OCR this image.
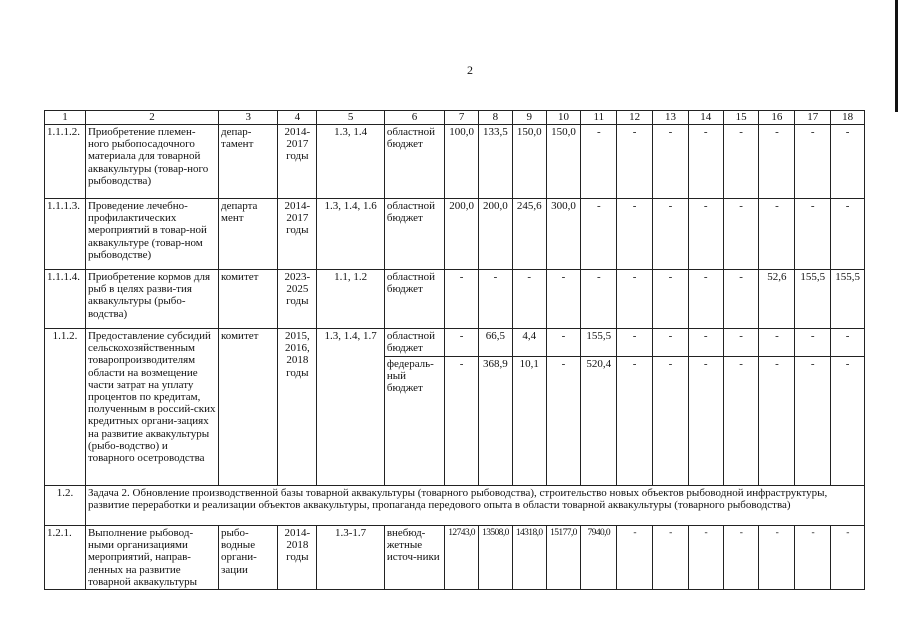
2
1	2	3	4	5	6	7	8	9	10	11	12	13	14	15	16	17	18
1.1.1.2.	Приобретение племен-ного рыбопосадочного материала для товарной аквакультуры (товар-ного рыбоводства)	депар-тамент	2014-2017 годы	1.3, 1.4	областной бюджет	100,0	133,5	150,0	150,0	-	-	-	-	-	-	-	-
1.1.1.3.	Проведение лечебно-профилактических мероприятий в товар-ной аквакультуре (товар-ном рыбоводстве)	департа мент	2014-2017 годы	1.3, 1.4, 1.6	областной бюджет	200,0	200,0	245,6	300,0	-	-	-	-	-	-	-	-
1.1.1.4.	Приобретение кормов для рыб в целях разви-тия аквакультуры (рыбо-водства)	комитет	2023-2025 годы	1.1, 1.2	областной бюджет	-	-	-	-	-	-	-	-	-	52,6	155,5	155,5
1.1.2.	Предоставление субсидий сельскохозяйственным товаропроизводителям области на возмещение части затрат на уплату процентов по кредитам, полученным в россий-ских кредитных органи-зациях на развитие аквакультуры (рыбо-водство) и товарного осетроводства	комитет	2015, 2016, 2018 годы	1.3, 1.4, 1.7	областной бюджет	-	66,5	4,4	-	155,5	-	-	-	-	-	-	-
					федераль-ный бюджет	-	368,9	10,1	-	520,4	-	-	-	-	-	-	-
1.2.	Задача 2. Обновление производственной базы товарной аквакультуры (товарного рыбоводства), строительство новых объектов рыбоводной инфраструктуры, развитие переработки и реализации объектов аквакультуры, пропаганда передового опыта в области товарной аквакультуры (товарного рыбоводства)																
1.2.1.	Выполнение рыбовод-ными организациями мероприятий, направ-ленных на развитие товарной аквакультуры	рыбо-водные органи-зации	2014-2018 годы	1.3-1.7	внебюд-жетные источ-ники	12743,0	13508,0	14318,0	15177,0	7940,0	-	-	-	-	-	-	-
